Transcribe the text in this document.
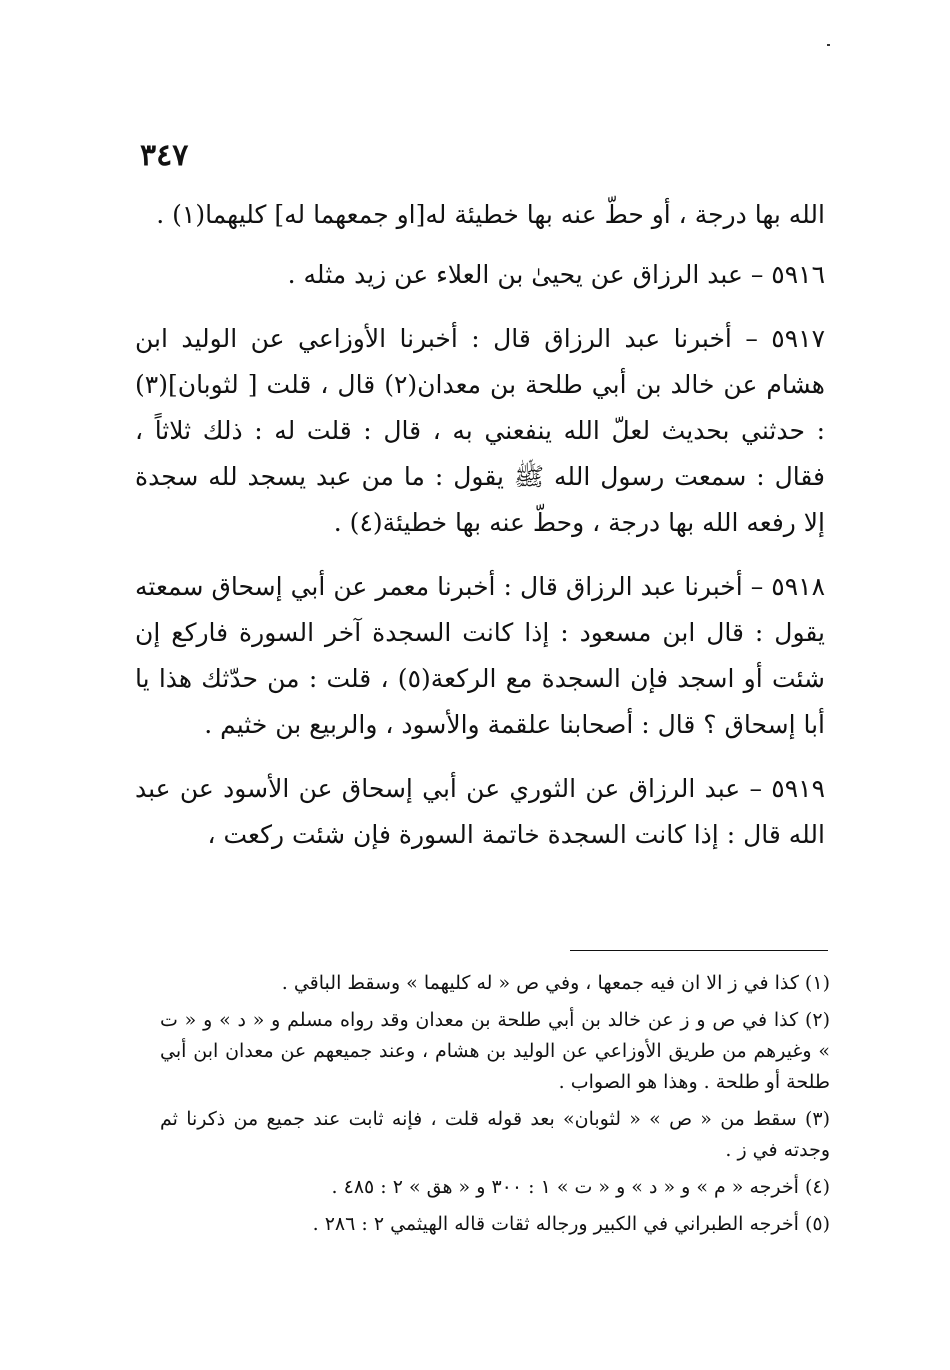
٣٤٧

الله بها درجة ، أو حطّ عنه بها خطيئة له[او جمعهما له] كليهما(١) .

٥٩١٦ – عبد الرزاق عن يحيىٰ بن العلاء عن زيد مثله .

٥٩١٧ – أخبرنا عبد الرزاق قال : أخبرنا الأوزاعي عن الوليد ابن هشام عن خالد بن أبي طلحة بن معدان(٢) قال ، قلت [ لثوبان](٣) : حدثني بحديث لعلّ الله ينفعني به ، قال : قلت له : ذلك ثلاثاً ، فقال : سمعت رسول الله ﷺ يقول : ما من عبد يسجد لله سجدة إلا رفعه الله بها درجة ، وحطّ عنه بها خطيئة(٤) .

٥٩١٨ – أخبرنا عبد الرزاق قال : أخبرنا معمر عن أبي إسحاق سمعته يقول : قال ابن مسعود : إذا كانت السجدة آخر السورة فاركع إن شئت أو اسجد فإن السجدة مع الركعة(٥) ، قلت : من حدّثك هذا يا أبا إسحاق ؟ قال : أصحابنا علقمة والأسود ، والربيع بن خثيم .

٥٩١٩ – عبد الرزاق عن الثوري عن أبي إسحاق عن الأسود عن عبد الله قال : إذا كانت السجدة خاتمة السورة فإن شئت ركعت ،

(١) كذا في ز الا ان فيه جمعها ، وفي ص « له كليهما » وسقط الباقي .

(٢) كذا في ص و ز عن خالد بن أبي طلحة بن معدان وقد رواه مسلم و « د » و « ت » وغيرهم من طريق الأوزاعي عن الوليد بن هشام ، وعند جميعهم عن معدان ابن أبي طلحة أو طلحة . وهذا هو الصواب .

(٣) سقط من « ص » « لثوبان» بعد قوله قلت ، فإنه ثابت عند جميع من ذكرنا ثم وجدته في ز .

(٤) أخرجه « م » و « د » و « ت » ١ : ٣٠٠ و « هق » ٢ : ٤٨٥ .

(٥) أخرجه الطبراني في الكبير ورجاله ثقات قاله الهيثمي ٢ : ٢٨٦ .
